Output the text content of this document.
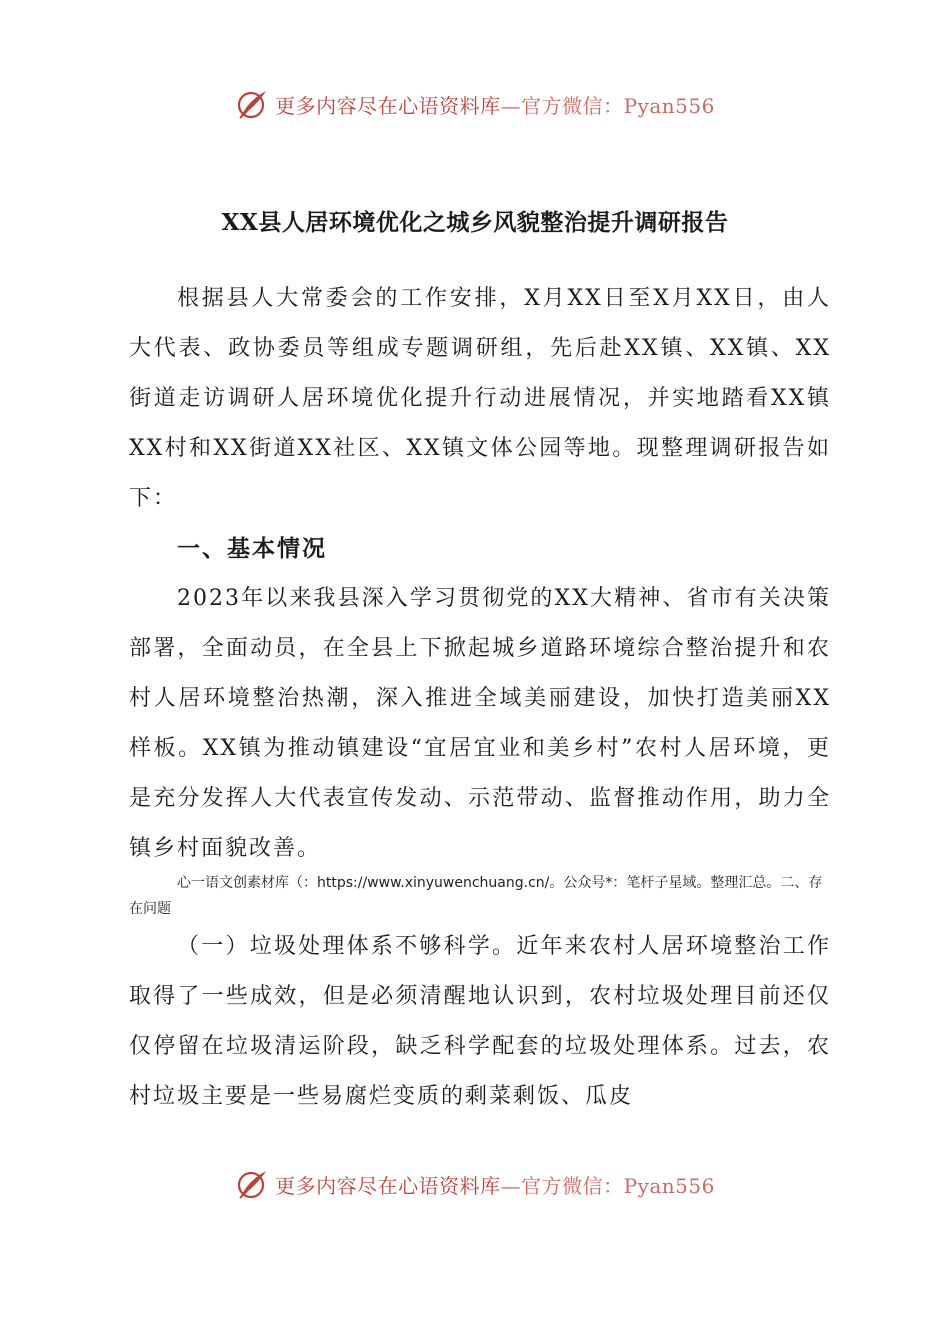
更多内容尽在心语资料库—官方微信：Pyan556
XX县人居环境优化之城乡风貌整治提升调研报告
根据县人大常委会的工作安排，X月XX日至X月XX日，由人大代表、政协委员等组成专题调研组，先后赴XX镇、XX镇、XX街道走访调研人居环境优化提升行动进展情况，并实地踏看XX镇XX村和XX街道XX社区、XX镇文体公园等地。现整理调研报告如下：
一、基本情况
2023年以来我县深入学习贯彻党的XX大精神、省市有关决策部署，全面动员，在全县上下掀起城乡道路环境综合整治提升和农村人居环境整治热潮，深入推进全域美丽建设，加快打造美丽XX样板。XX镇为推动镇建设“宜居宜业和美乡村”农村人居环境，更是充分发挥人大代表宣传发动、示范带动、监督推动作用，助力全镇乡村面貌改善。
心一语文创素材库（：https://www.xinyuwenchuang.cn/。公众号*：笔杆子星域。整理汇总。二、存在问题
（一）垃圾处理体系不够科学。近年来农村人居环境整治工作取得了一些成效，但是必须清醒地认识到，农村垃圾处理目前还仅仅停留在垃圾清运阶段，缺乏科学配套的垃圾处理体系。过去，农村垃圾主要是一些易腐烂变质的剩菜剩饭、瓜皮
更多内容尽在心语资料库—官方微信：Pyan556
